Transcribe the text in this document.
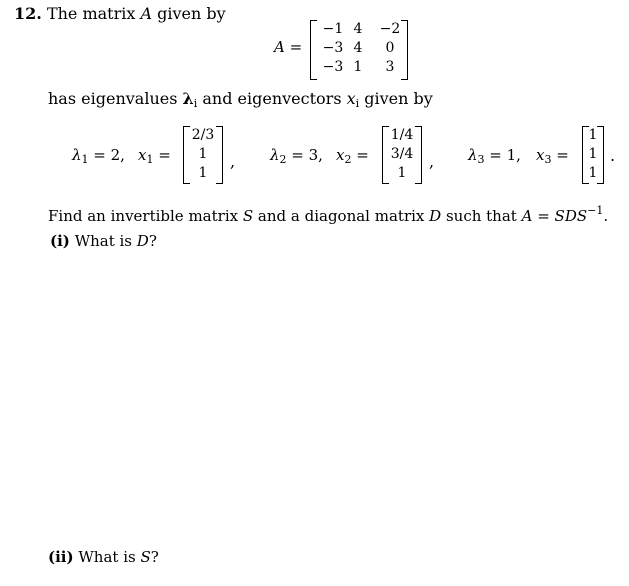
12. The matrix A given by
A =
−1 4 −2
−3 4	0
−3 1	3
has eigenvalues $\lambda_i$ and eigenvectors $x_i$ given by
$\lambda_1 = 2$, $x_1$ =
2/3
1
1
, $\lambda_2 = 3$, $x_2$ =
1/4
3/4
1
, $\lambda_3 = 1$, $x_3$ =
1
1
1
.
Find an invertible matrix S and a diagonal matrix D such that $A = SDS^{-1}$.
(i) What is D?
(ii) What is S?
